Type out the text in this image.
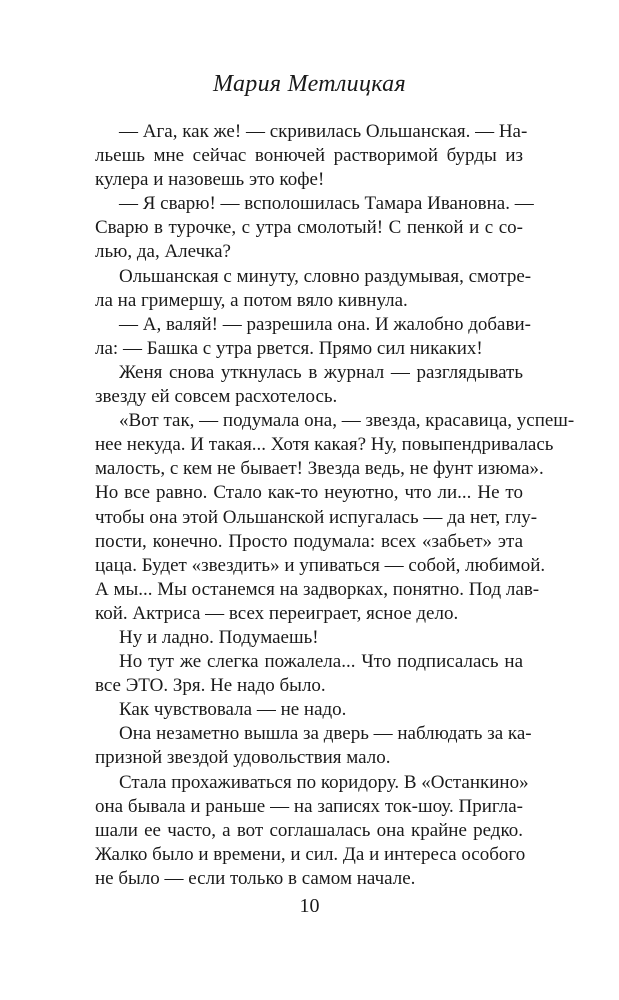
Мария Метлицкая
— Ага, как же! — скривилась Ольшанская. — На-
льешь мне сейчас вонючей растворимой бурды из
кулера и назовешь это кофе!
— Я сварю! — всполошилась Тамара Ивановна. —
Сварю в турочке, с утра смолотый! С пенкой и с со-
лью, да, Алечка?
Ольшанская с минуту, словно раздумывая, смотре-
ла на гримершу, а потом вяло кивнула.
— А, валяй! — разрешила она. И жалобно добави-
ла: — Башка с утра рвется. Прямо сил никаких!
Женя снова уткнулась в журнал — разглядывать
звезду ей совсем расхотелось.
«Вот так, — подумала она, — звезда, красавица, успеш-
нее некуда. И такая... Хотя какая? Ну, повыпендривалась
малость, с кем не бывает! Звезда ведь, не фунт изюма».
Но все равно. Стало как-то неуютно, что ли... Не то
чтобы она этой Ольшанской испугалась — да нет, глу-
пости, конечно. Просто подумала: всех «забьет» эта
цаца. Будет «звездить» и упиваться — собой, любимой.
А мы... Мы останемся на задворках, понятно. Под лав-
кой. Актриса — всех переиграет, ясное дело.
Ну и ладно. Подумаешь!
Но тут же слегка пожалела... Что подписалась на
все ЭТО. Зря. Не надо было.
Как чувствовала — не надо.
Она незаметно вышла за дверь — наблюдать за ка-
призной звездой удовольствия мало.
Стала прохаживаться по коридору. В «Останкино»
она бывала и раньше — на записях ток-шоу. Пригла-
шали ее часто, а вот соглашалась она крайне редко.
Жалко было и времени, и сил. Да и интереса особого
не было — если только в самом начале.
10
